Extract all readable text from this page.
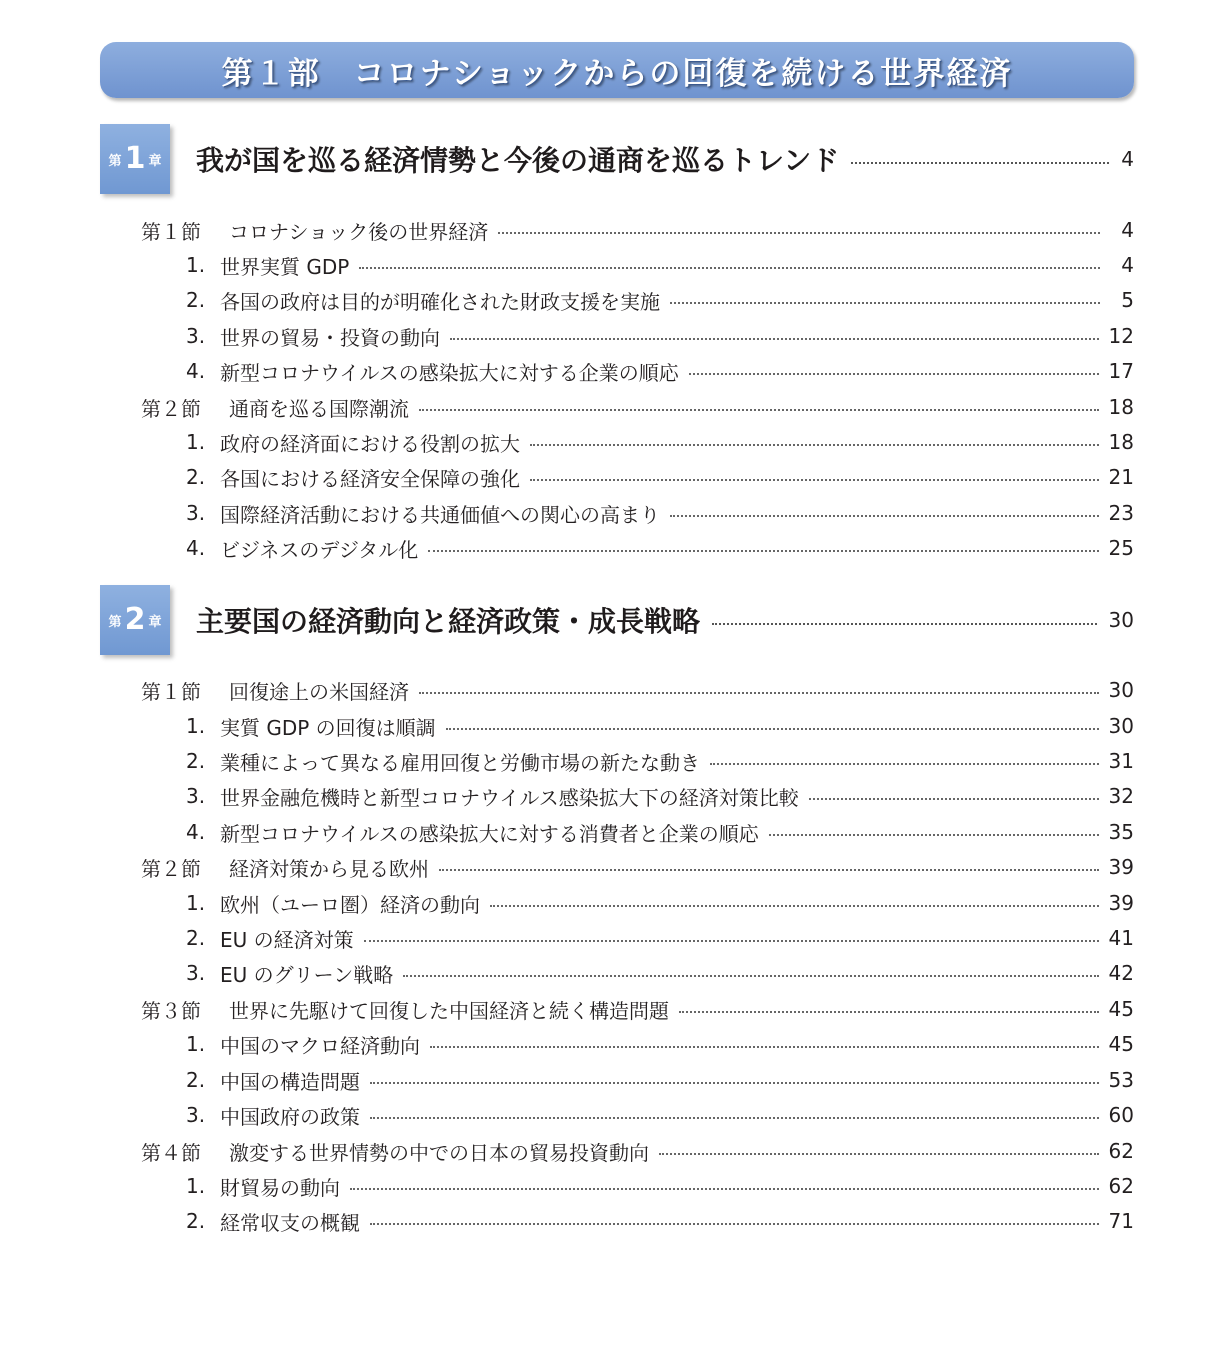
第１部　コロナショックからの回復を続ける世界経済
第 1 章 我が国を巡る経済情勢と今後の通商を巡るトレンド	4
第１節	コロナショック後の世界経済	4
1. 世界実質 GDP	4
2. 各国の政府は目的が明確化された財政支援を実施	5
3. 世界の貿易・投資の動向	12
4. 新型コロナウイルスの感染拡大に対する企業の順応	17
第２節	通商を巡る国際潮流	18
1. 政府の経済面における役割の拡大	18
2. 各国における経済安全保障の強化	21
3. 国際経済活動における共通価値への関心の高まり	23
4. ビジネスのデジタル化	25
第 2 章 主要国の経済動向と経済政策・成長戦略	30
第１節	回復途上の米国経済	30
1. 実質 GDP の回復は順調	30
2. 業種によって異なる雇用回復と労働市場の新たな動き	31
3. 世界金融危機時と新型コロナウイルス感染拡大下の経済対策比較	32
4. 新型コロナウイルスの感染拡大に対する消費者と企業の順応	35
第２節	経済対策から見る欧州	39
1. 欧州（ユーロ圏）経済の動向	39
2. EU の経済対策	41
3. EU のグリーン戦略	42
第３節	世界に先駆けて回復した中国経済と続く構造問題	45
1. 中国のマクロ経済動向	45
2. 中国の構造問題	53
3. 中国政府の政策	60
第４節	激変する世界情勢の中での日本の貿易投資動向	62
1. 財貿易の動向	62
2. 経常収支の概観	71
